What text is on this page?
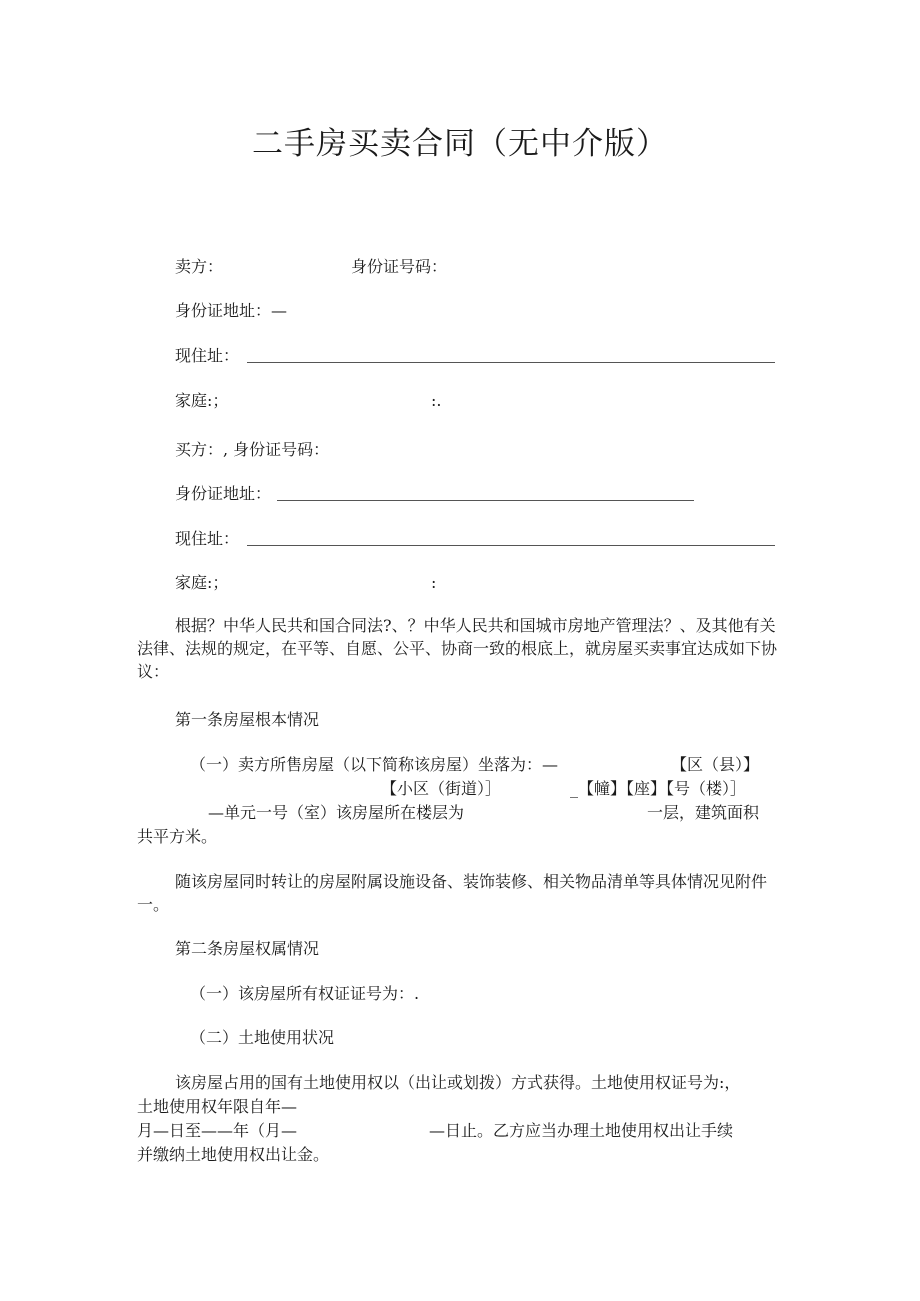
二手房买卖合同（无中介版）
卖方：	身份证号码：
身份证地址：—
现住址：
家庭:；	:.
买方：, 身份证号码：
身份证地址：
现住址：
家庭:；	:
根据？中华人民共和国合同法?、？中华人民共和国城市房地产管理法？、及其他有关法律、法规的规定，在平等、自愿、公平、协商一致的根底上，就房屋买卖事宜达成如下协议：
第一条房屋根本情况
（一）卖方所售房屋（以下简称该房屋）坐落为：—	【区（县）】
【小区（街道）］	_【幢】【座】【号（楼）］
—单元一号（室）该房屋所在楼层为	一层，建筑面积
共平方米。
随该房屋同时转让的房屋附属设施设备、装饰装修、相关物品清单等具体情况见附件一。
第二条房屋权属情况
（一）该房屋所有权证证号为：.
（二）土地使用状况
该房屋占用的国有土地使用权以（出让或划拨）方式获得。土地使用权证号为:，
土地使用权年限自年—
月—日至——年（月—	—日止。乙方应当办理土地使用权出让手续
并缴纳土地使用权出让金。
